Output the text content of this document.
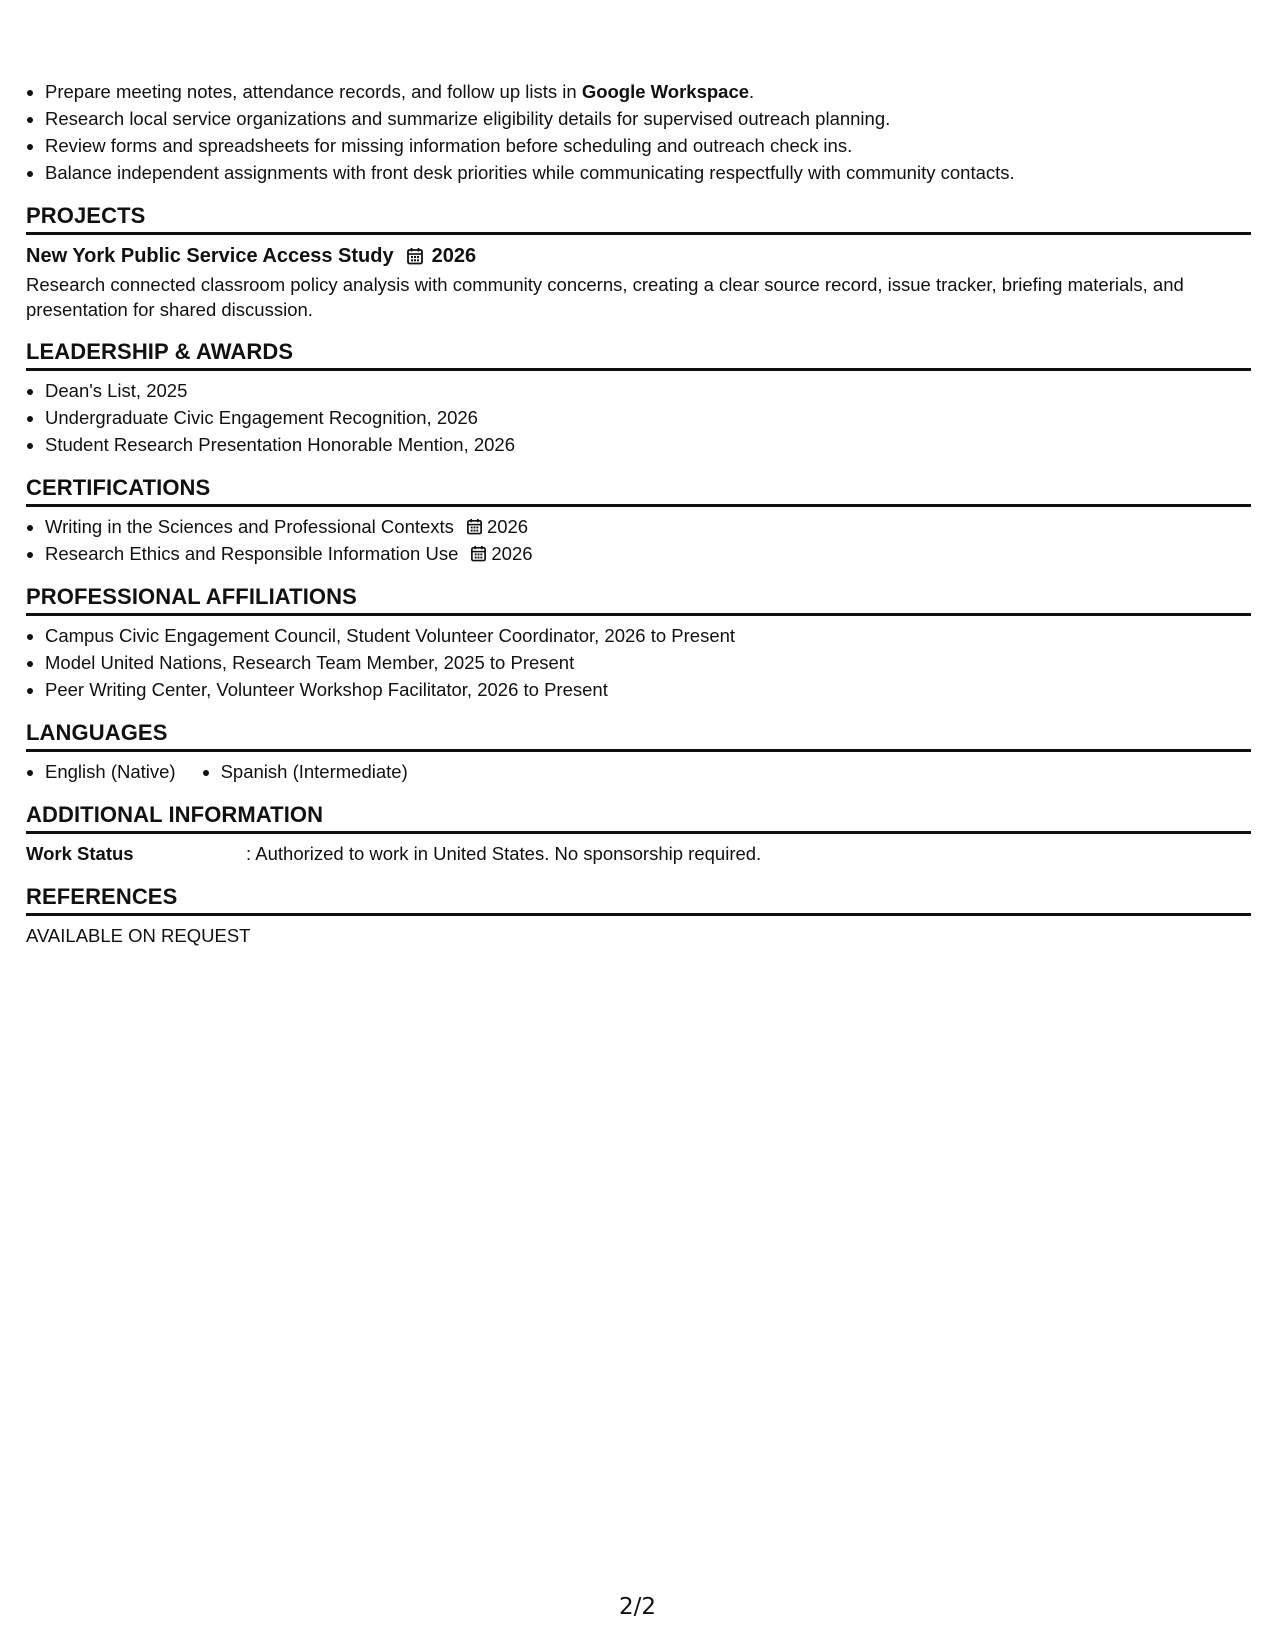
• Prepare meeting notes, attendance records, and follow up lists in Google Workspace.
• Research local service organizations and summarize eligibility details for supervised outreach planning.
• Review forms and spreadsheets for missing information before scheduling and outreach check ins.
• Balance independent assignments with front desk priorities while communicating respectfully with community contacts.
PROJECTS
New York Public Service Access Study 2026

Research connected classroom policy analysis with community concerns, creating a clear source record, issue tracker, briefing materials, and presentation for shared discussion.

LEADERSHIP & AWARDS
• Dean's List, 2025
• Undergraduate Civic Engagement Recognition, 2026
• Student Research Presentation Honorable Mention, 2026
CERTIFICATIONS
• Writing in the Sciences and Professional Contexts 2026
• Research Ethics and Responsible Information Use 2026
PROFESSIONAL AFFILIATIONS
• Campus Civic Engagement Council, Student Volunteer Coordinator, 2026 to Present
• Model United Nations, Research Team Member, 2025 to Present
• Peer Writing Center, Volunteer Workshop Facilitator, 2026 to Present
LANGUAGES
• English (Native)
• Spanish (Intermediate)
ADDITIONAL INFORMATION
Work Status	: Authorized to work in United States. No sponsorship required.
REFERENCES
AVAILABLE ON REQUEST
2/2
